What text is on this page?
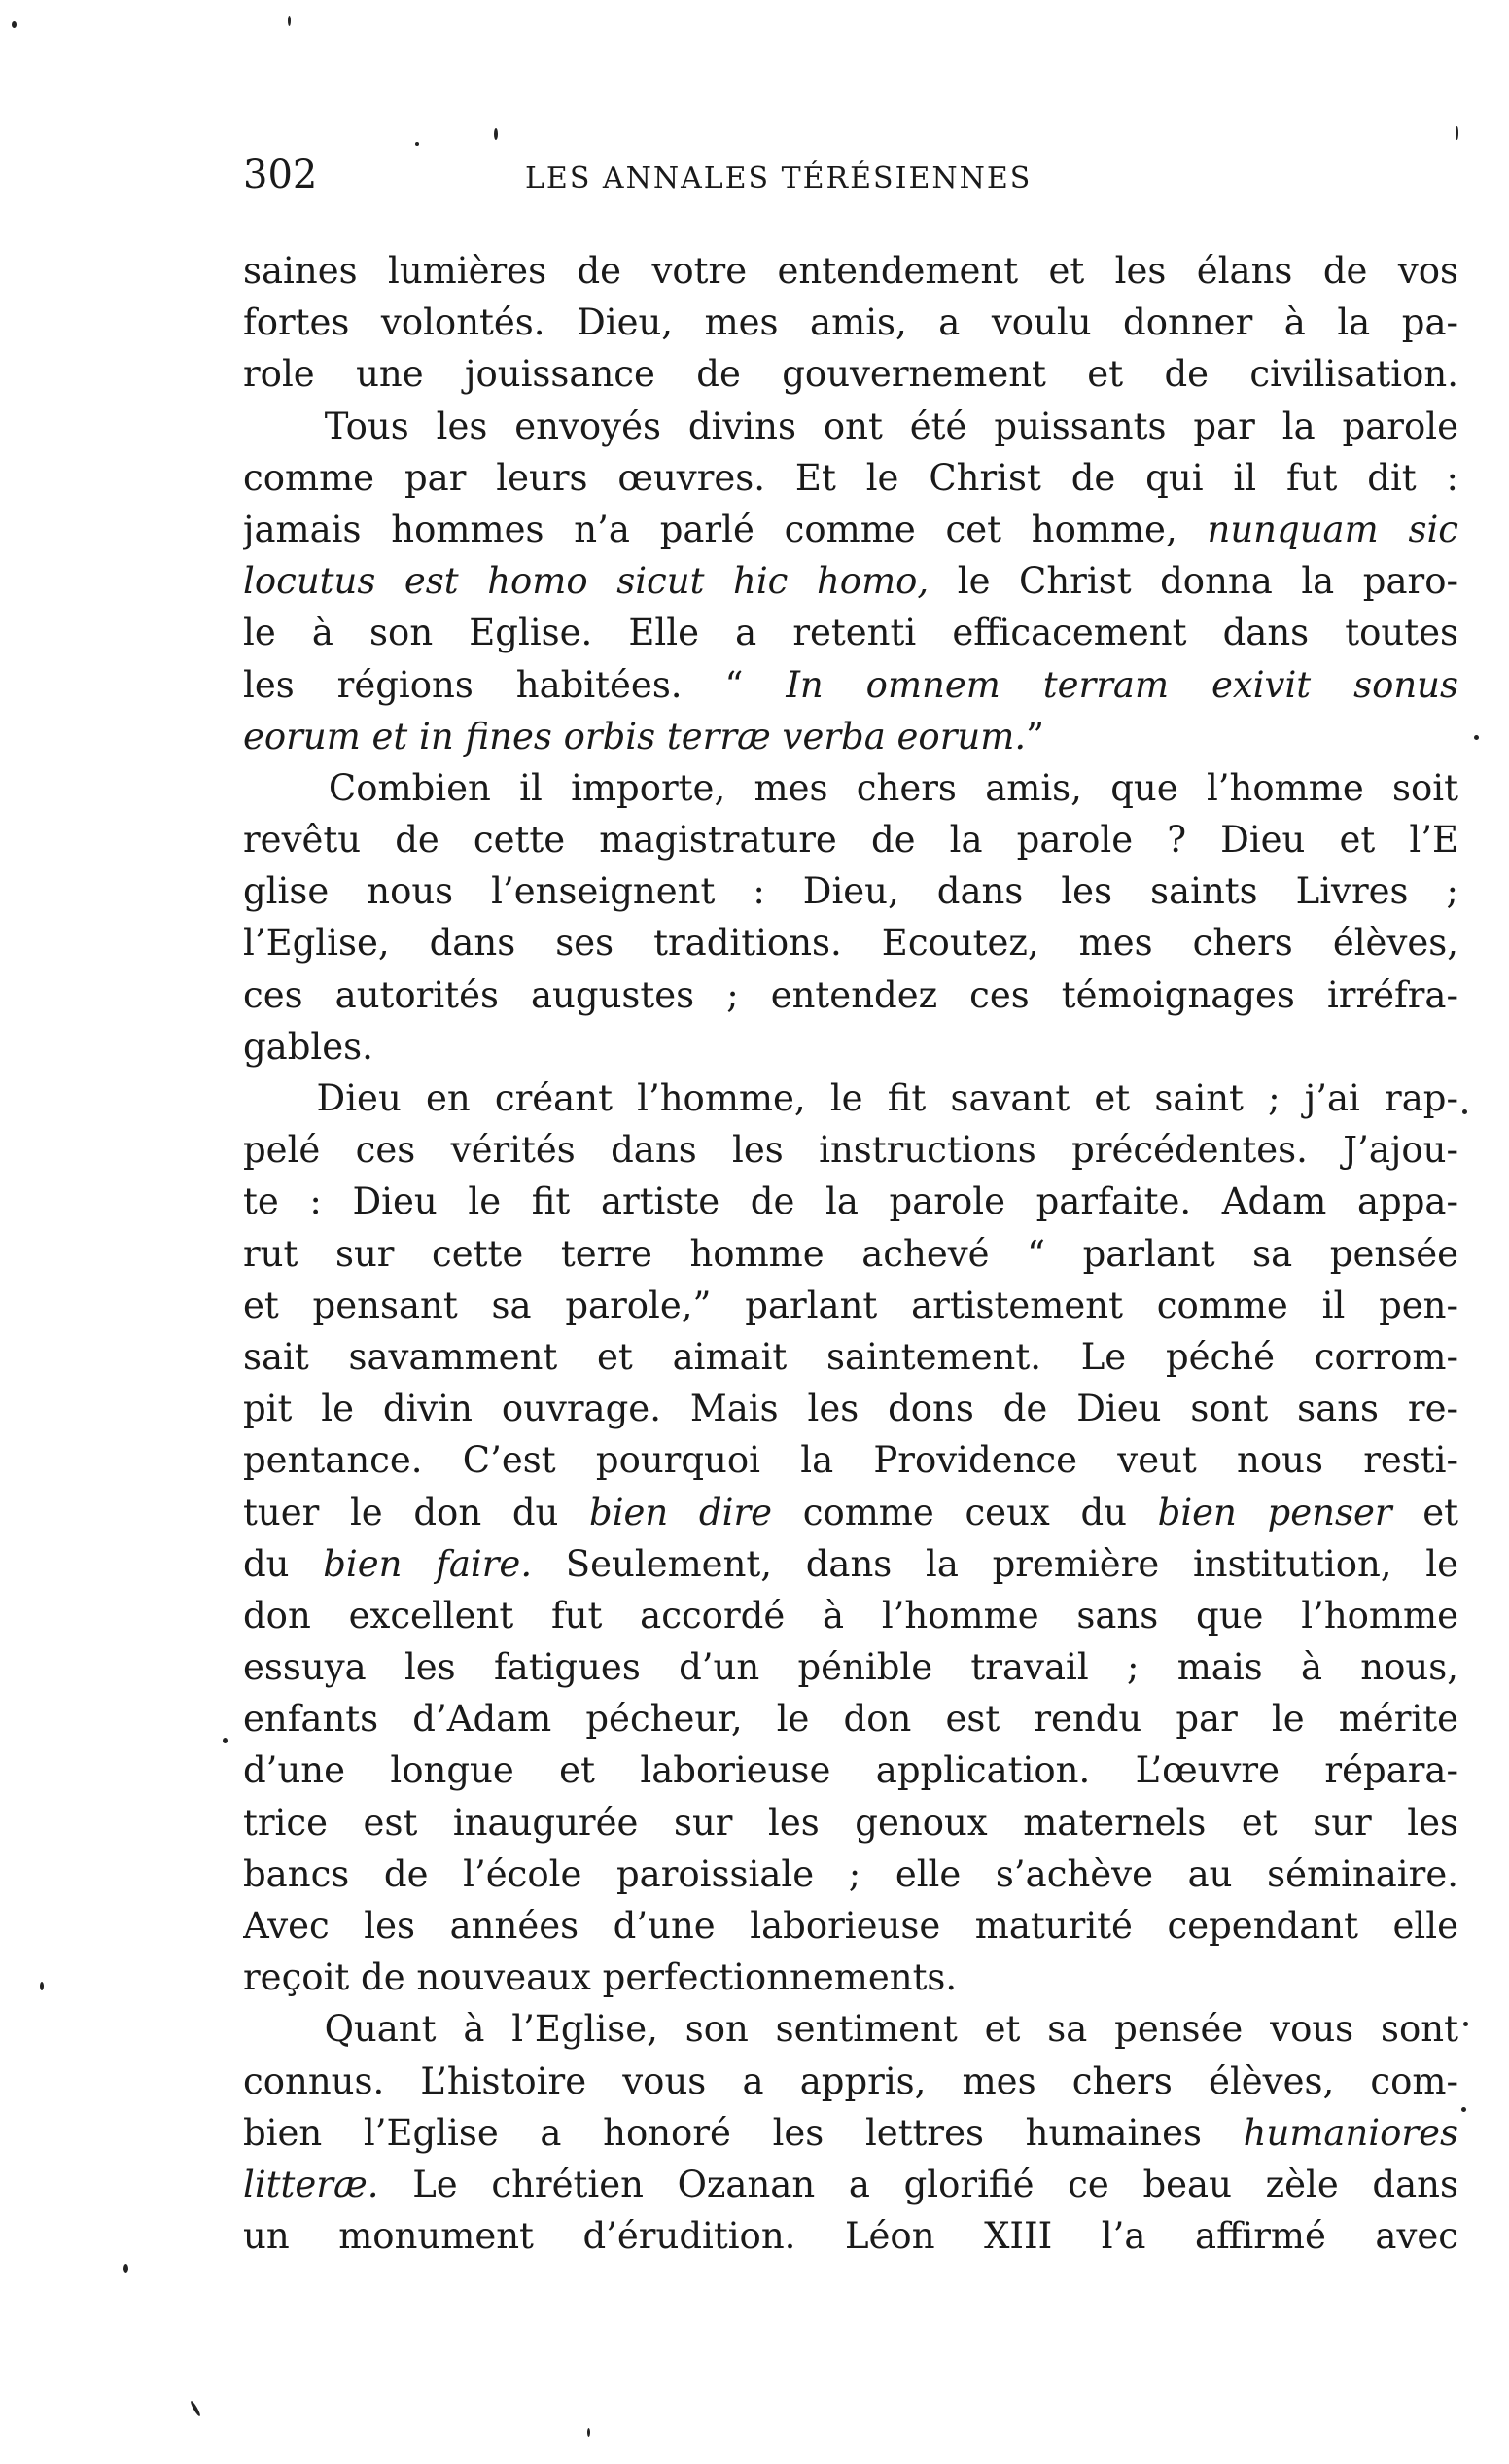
302	LES ANNALES TÉRÉSIENNES
saines lumières de votre entendement et les élans de vos
fortes volontés. Dieu, mes amis, a voulu donner à la pa-
role une jouissance de gouvernement et de civilisation.
Tous les envoyés divins ont été puissants par la parole
comme par leurs œuvres. Et le Christ de qui il fut dit :
jamais hommes n’a parlé comme cet homme, nunquam sic
locutus est homo sicut hic homo, le Christ donna la paro-
le à son Eglise. Elle a retenti efficacement dans toutes
les régions habitées. “ In omnem terram exivit sonus
eorum et in fines orbis terræ verba eorum.”
Combien il importe, mes chers amis, que l’homme soit
revêtu de cette magistrature de la parole ? Dieu et l’E
glise nous l’enseignent : Dieu, dans les saints Livres ;
l’Eglise, dans ses traditions. Ecoutez, mes chers élèves,
ces autorités augustes ; entendez ces témoignages irréfra-
gables.
Dieu en créant l’homme, le fit savant et saint ; j’ai rap-
pelé ces vérités dans les instructions précédentes. J’ajou-
te : Dieu le fit artiste de la parole parfaite. Adam appa-
rut sur cette terre homme achevé “ parlant sa pensée
et pensant sa parole,” parlant artistement comme il pen-
sait savamment et aimait saintement. Le péché corrom-
pit le divin ouvrage. Mais les dons de Dieu sont sans re-
pentance. C’est pourquoi la Providence veut nous resti-
tuer le don du bien dire comme ceux du bien penser et
du bien faire. Seulement, dans la première institution, le
don excellent fut accordé à l’homme sans que l’homme
essuya les fatigues d’un pénible travail ; mais à nous,
enfants d’Adam pécheur, le don est rendu par le mérite
d’une longue et laborieuse application. L’œuvre répara-
trice est inaugurée sur les genoux maternels et sur les
bancs de l’école paroissiale ; elle s’achève au séminaire.
Avec les années d’une laborieuse maturité cependant elle
reçoit de nouveaux perfectionnements.
Quant à l’Eglise, son sentiment et sa pensée vous sont
connus. L’histoire vous a appris, mes chers élèves, com-
bien l’Eglise a honoré les lettres humaines humaniores
litteræ. Le chrétien Ozanan a glorifié ce beau zèle dans
un monument d’érudition. Léon XIII l’a affirmé avec
